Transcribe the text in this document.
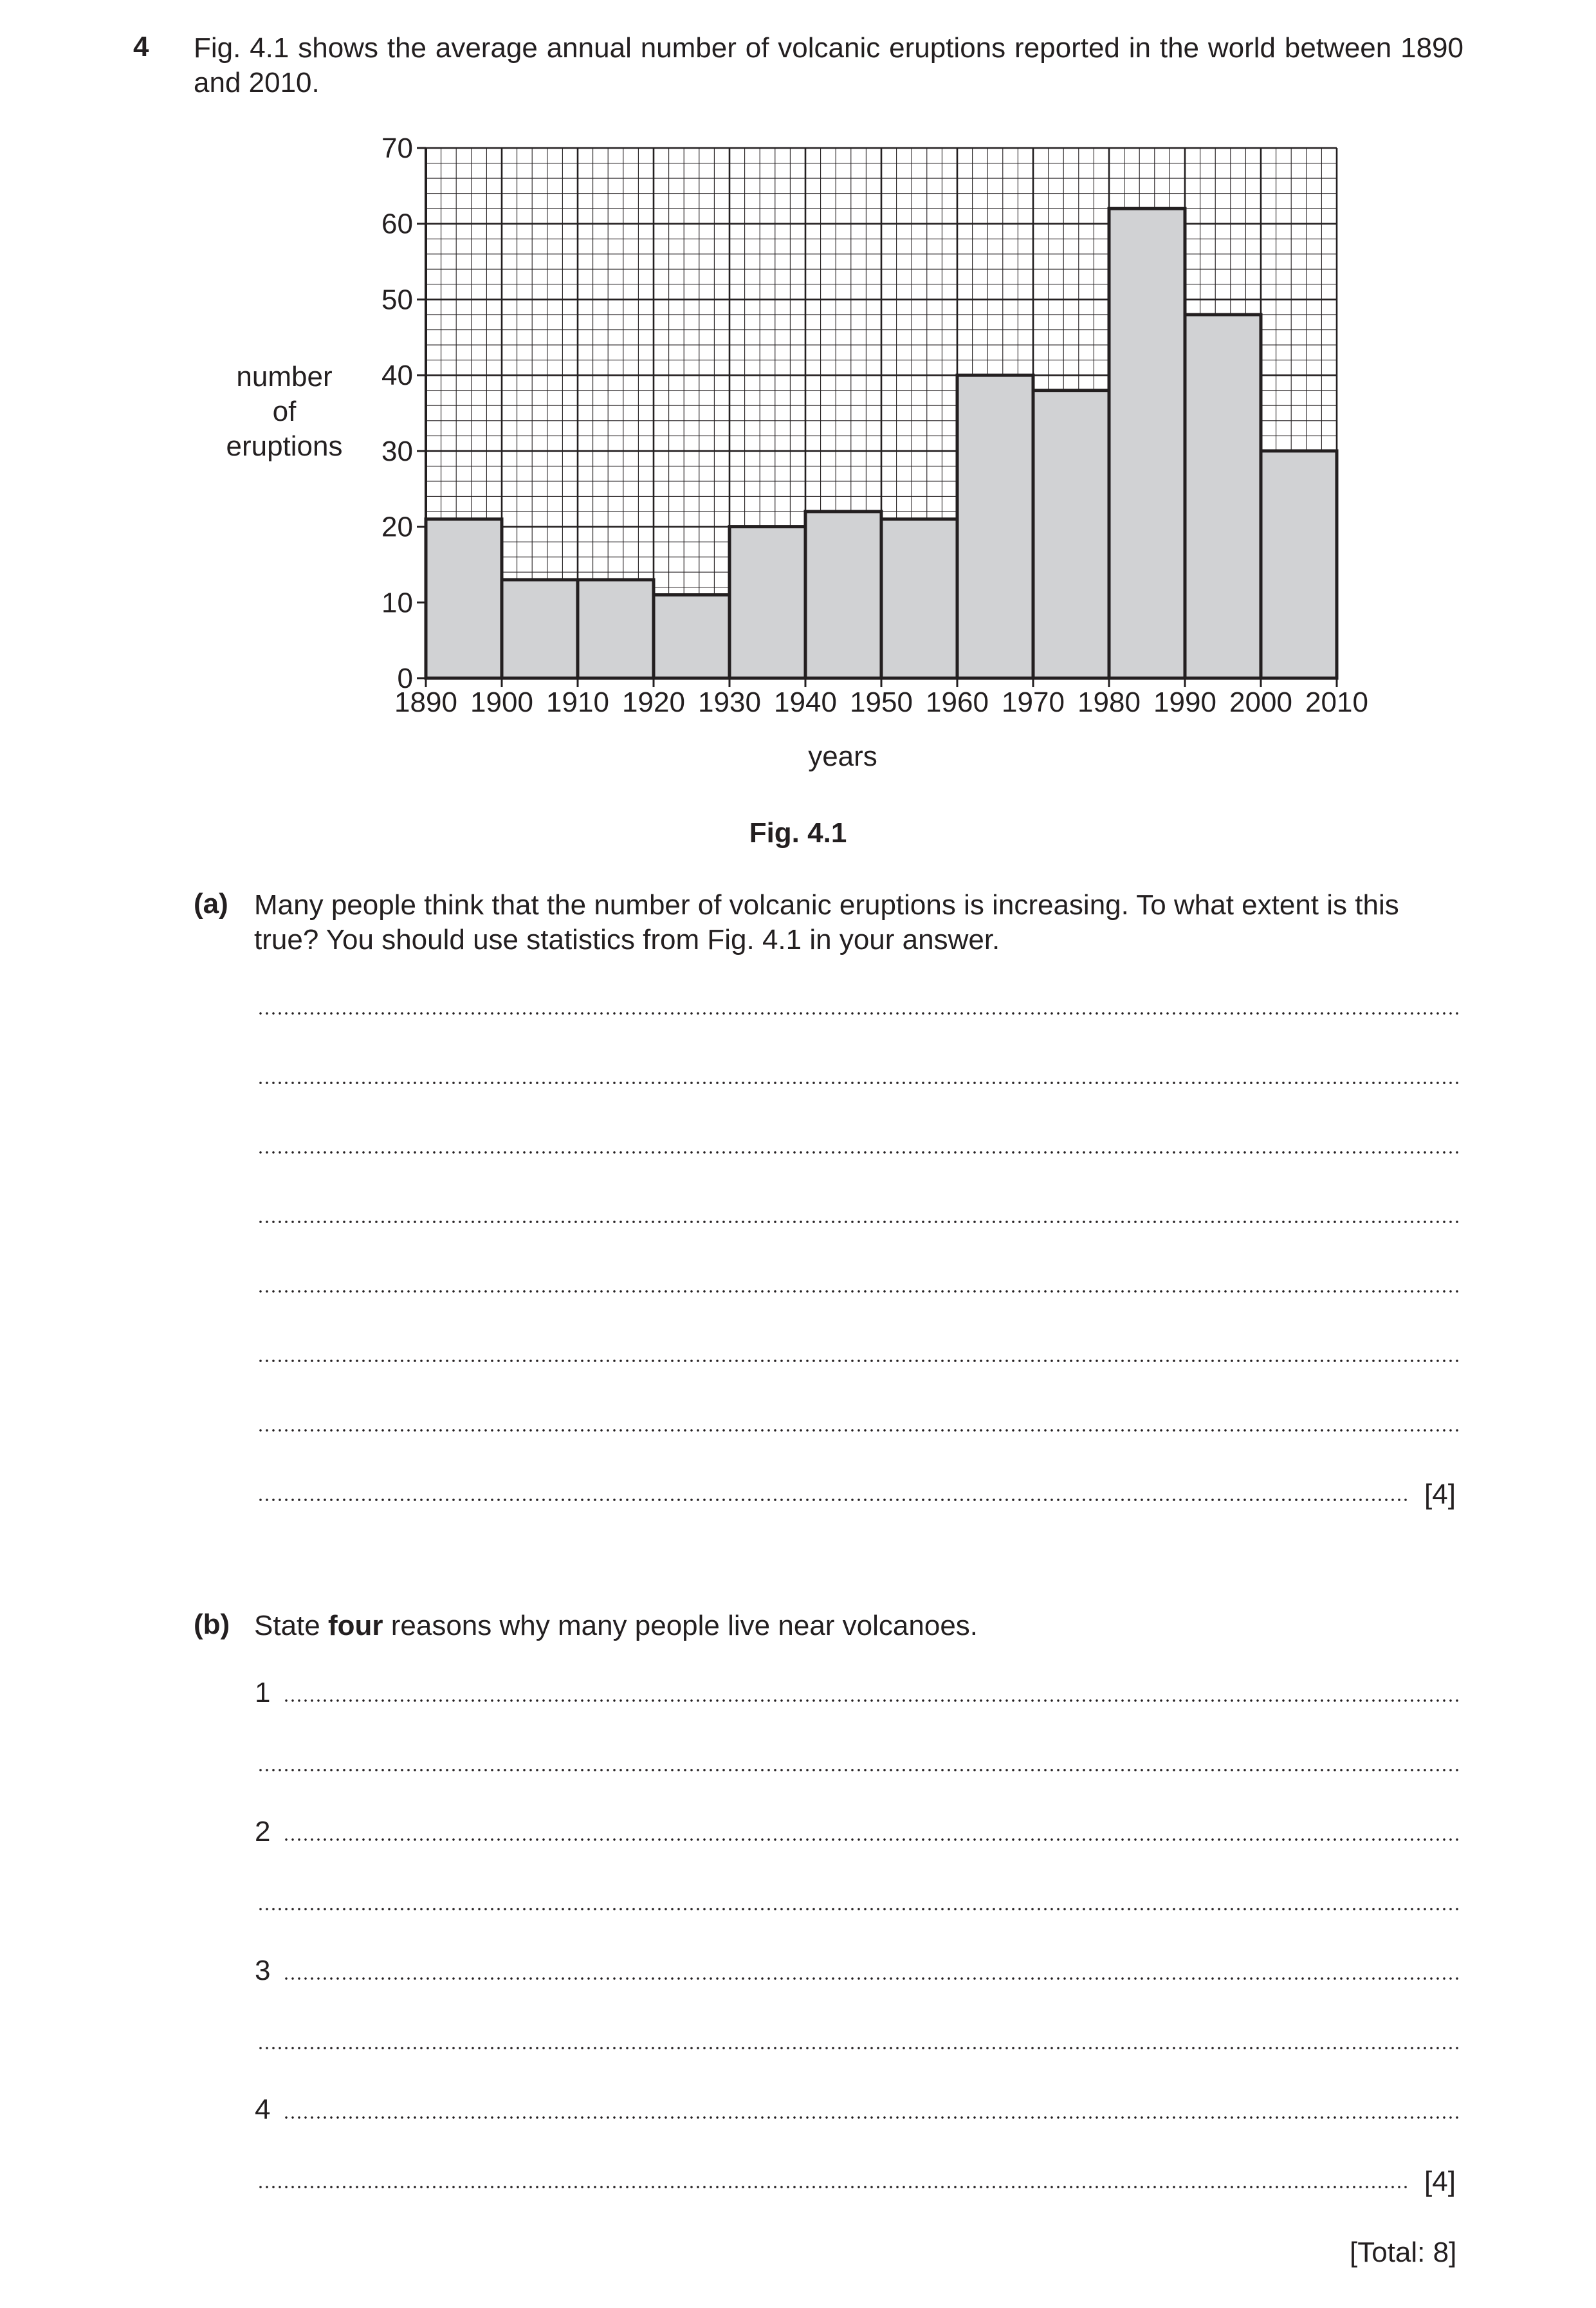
4 Fig. 4.1 shows the average annual number of volcanic eruptions reported in the world between 1890 and 2010.
0
10
20
30
40
50
60
70
1890 1900 1910 1920 1930 1940 1950 1960 1970 1980 1990 2000 2010
years
number
of
eruptions
Fig. 4.1
(a) Many people think that the number of volcanic eruptions is increasing. To what extent is this true? You should use statistics from Fig. 4.1 in your answer.
[4]
(b) State four reasons why many people live near volcanoes.
1
2
3
4
[4]
[Total: 8]
